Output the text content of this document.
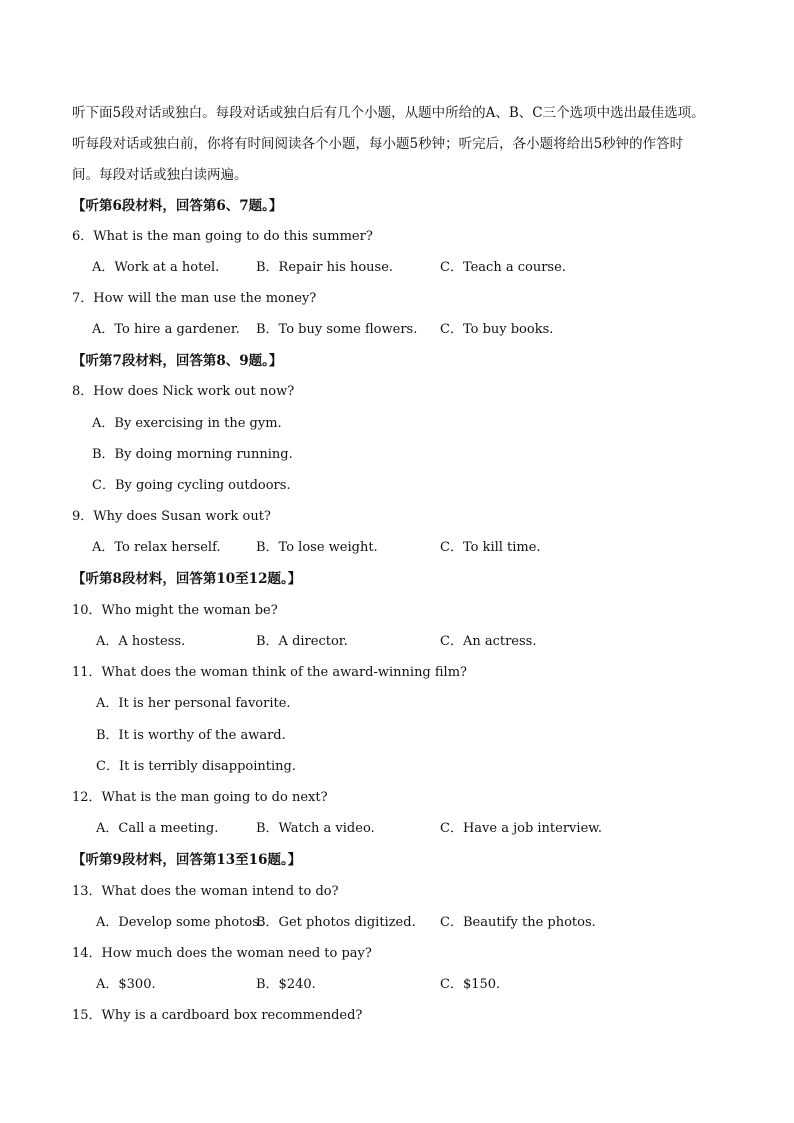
听下面5段对话或独白。每段对话或独白后有几个小题，从题中所给的A、B、C三个选项中选出最佳选项。
听每段对话或独白前，你将有时间阅读各个小题，每小题5秒钟；听完后，各小题将给出5秒钟的作答时
间。每段对话或独白读两遍。
【听第6段材料，回答第6、7题。】
6．What is the man going to do this summer?
A．Work at a hotel.	B．Repair his house.	C．Teach a course.
7．How will the man use the money?
A．To hire a gardener. B．To buy some flowers. C．To buy books.
【听第7段材料，回答第8、9题。】
8．How does Nick work out now?
A．By exercising in the gym.
B．By doing morning running.
C．By going cycling outdoors.
9．Why does Susan work out?
A．To relax herself.	B．To lose weight.	C．To kill time.
【听第8段材料，回答第10至12题。】
10．Who might the woman be?
A．A hostess.	B．A director.	C．An actress.
11．What does the woman think of the award-winning film?
A．It is her personal favorite.
B．It is worthy of the award.
C．It is terribly disappointing.
12．What is the man going to do next?
A．Call a meeting.	B．Watch a video.	C．Have a job interview.
【听第9段材料，回答第13至16题。】
13．What does the woman intend to do?
A．Develop some photos.
B．Get photos digitized. C．Beautify the photos.
14．How much does the woman need to pay?
A．$300.	B．$240.	C．$150.
15．Why is a cardboard box recommended?
